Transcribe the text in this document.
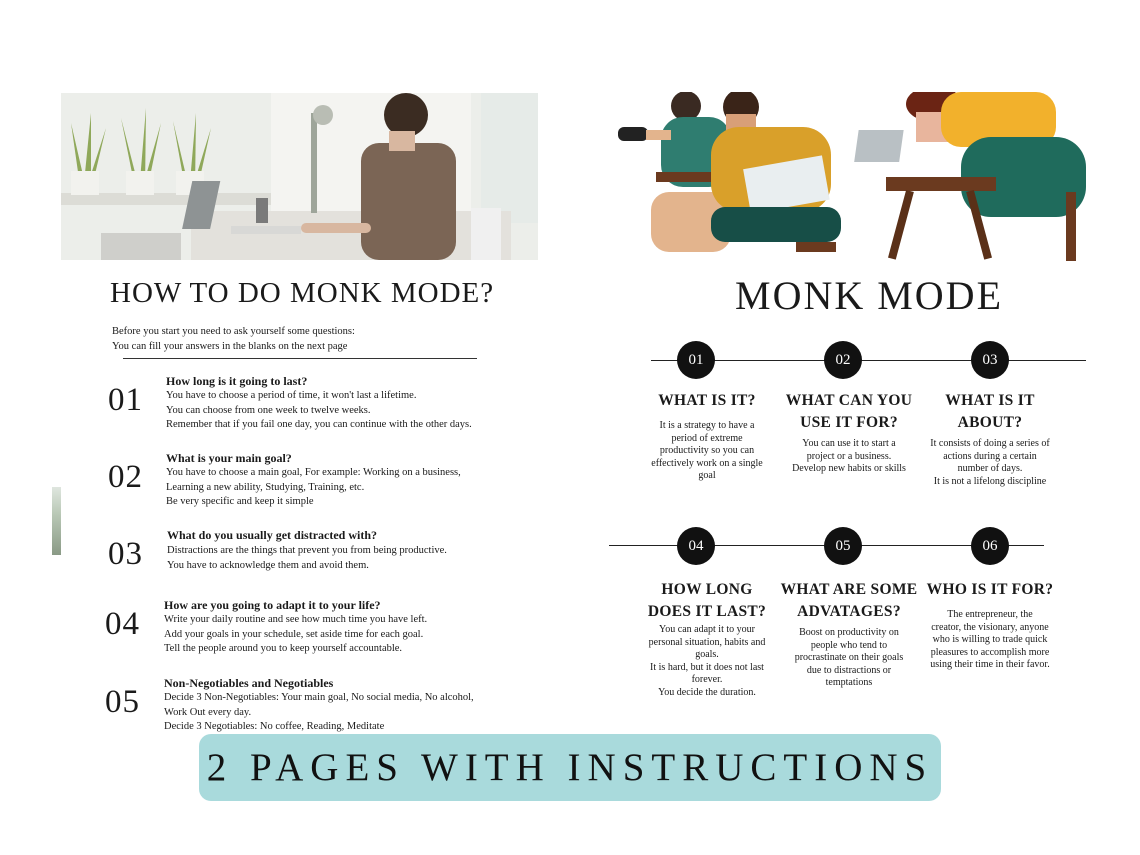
HOW TO DO MONK MODE?
Before you start you need to ask yourself some questions:
You can fill your answers in the blanks on the next page
01
How long is it going to last?
You have to choose a period of time, it won't last a lifetime.
You can choose from one week to twelve weeks.
Remember that if you fail one day, you can continue with the other days.
02
What is your main goal?
You have to choose a main goal, For example: Working on a business,
Learning a new ability, Studying, Training, etc.
Be very specific and keep it simple
03
What do you usually get distracted with?
Distractions are the things that prevent you from being productive.
You have to acknowledge them and avoid them.
04
How are you going to adapt it to your life?
Write your daily routine and see how much time you have left.
Add your goals in your schedule, set aside time for each goal.
Tell the people around you to keep yourself accountable.
05
Non-Negotiables and Negotiables
Decide 3 Non-Negotiables: Your main goal, No social media, No alcohol,
Work Out every day.
Decide 3 Negotiables: No coffee, Reading, Meditate
MONK MODE
01	02	03
WHAT IS IT?
It is a strategy to have a
period of extreme
productivity so you can
effectively work on a single
goal
WHAT CAN YOU
USE IT FOR?
You can use it to start a
project or a business.
Develop new habits or skills
WHAT IS IT
ABOUT?
It consists of doing a series of
actions during a certain
number of days.
It is not a lifelong discipline
04	05	06
HOW LONG
DOES IT LAST?
You can adapt it to your
personal situation, habits and
goals.
It is hard, but it does not last
forever.
You decide the duration.
WHAT ARE SOME
ADVATAGES?
Boost on productivity on
people who tend to
procrastinate on their goals
due to distractions or
temptations
WHO IS IT FOR?
The entrepreneur, the
creator, the visionary, anyone
who is willing to trade quick
pleasures to accomplish more
using their time in their favor.
2 PAGES WITH INSTRUCTIONS
